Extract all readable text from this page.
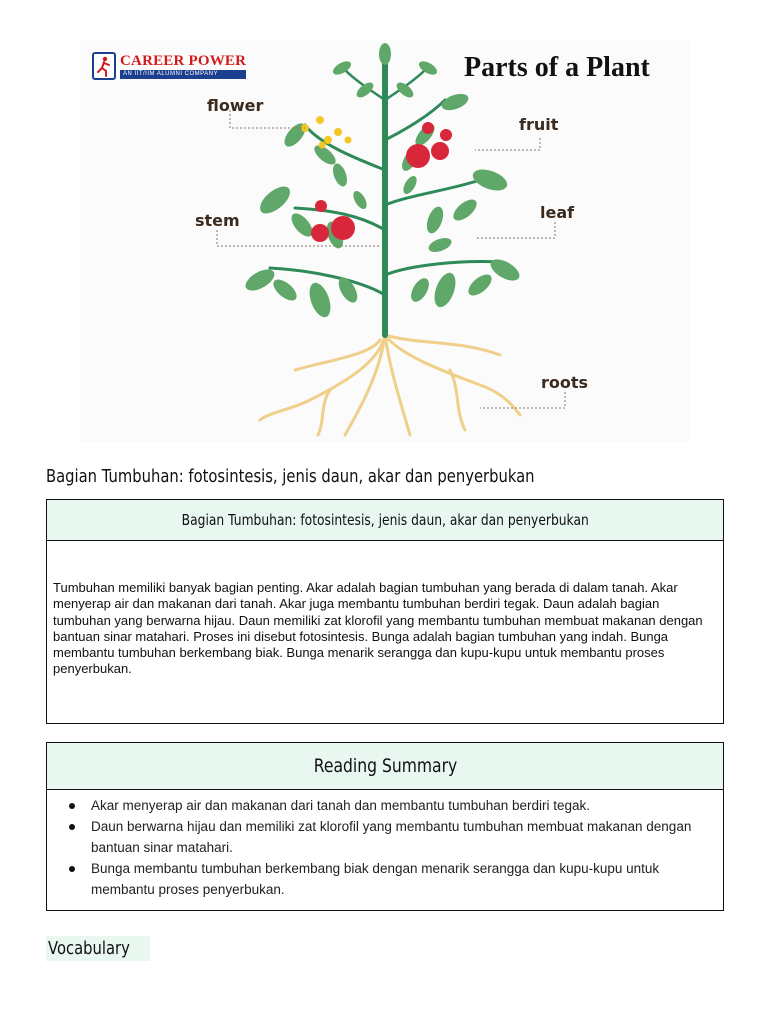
CAREER POWER
AN IIT/IIM ALUMNI COMPANY	Parts of a Plant
flower
fruit
stem	leaf
roots
Bagian Tumbuhan: fotosintesis, jenis daun, akar dan penyerbukan
Bagian Tumbuhan: fotosintesis, jenis daun, akar dan penyerbukan
Tumbuhan memiliki banyak bagian penting. Akar adalah bagian tumbuhan yang berada di dalam tanah. Akar menyerap air dan makanan dari tanah. Akar juga membantu tumbuhan berdiri tegak. Daun adalah bagian tumbuhan yang berwarna hijau. Daun memiliki zat klorofil yang membantu tumbuhan membuat makanan dengan bantuan sinar matahari. Proses ini disebut fotosintesis. Bunga adalah bagian tumbuhan yang indah. Bunga membantu tumbuhan berkembang biak. Bunga menarik serangga dan kupu-kupu untuk membantu proses penyerbukan.
Reading Summary
Akar menyerap air dan makanan dari tanah dan membantu tumbuhan berdiri tegak.
Daun berwarna hijau dan memiliki zat klorofil yang membantu tumbuhan membuat makanan dengan bantuan sinar matahari.
Bunga membantu tumbuhan berkembang biak dengan menarik serangga dan kupu-kupu untuk membantu proses penyerbukan.
Vocabulary
